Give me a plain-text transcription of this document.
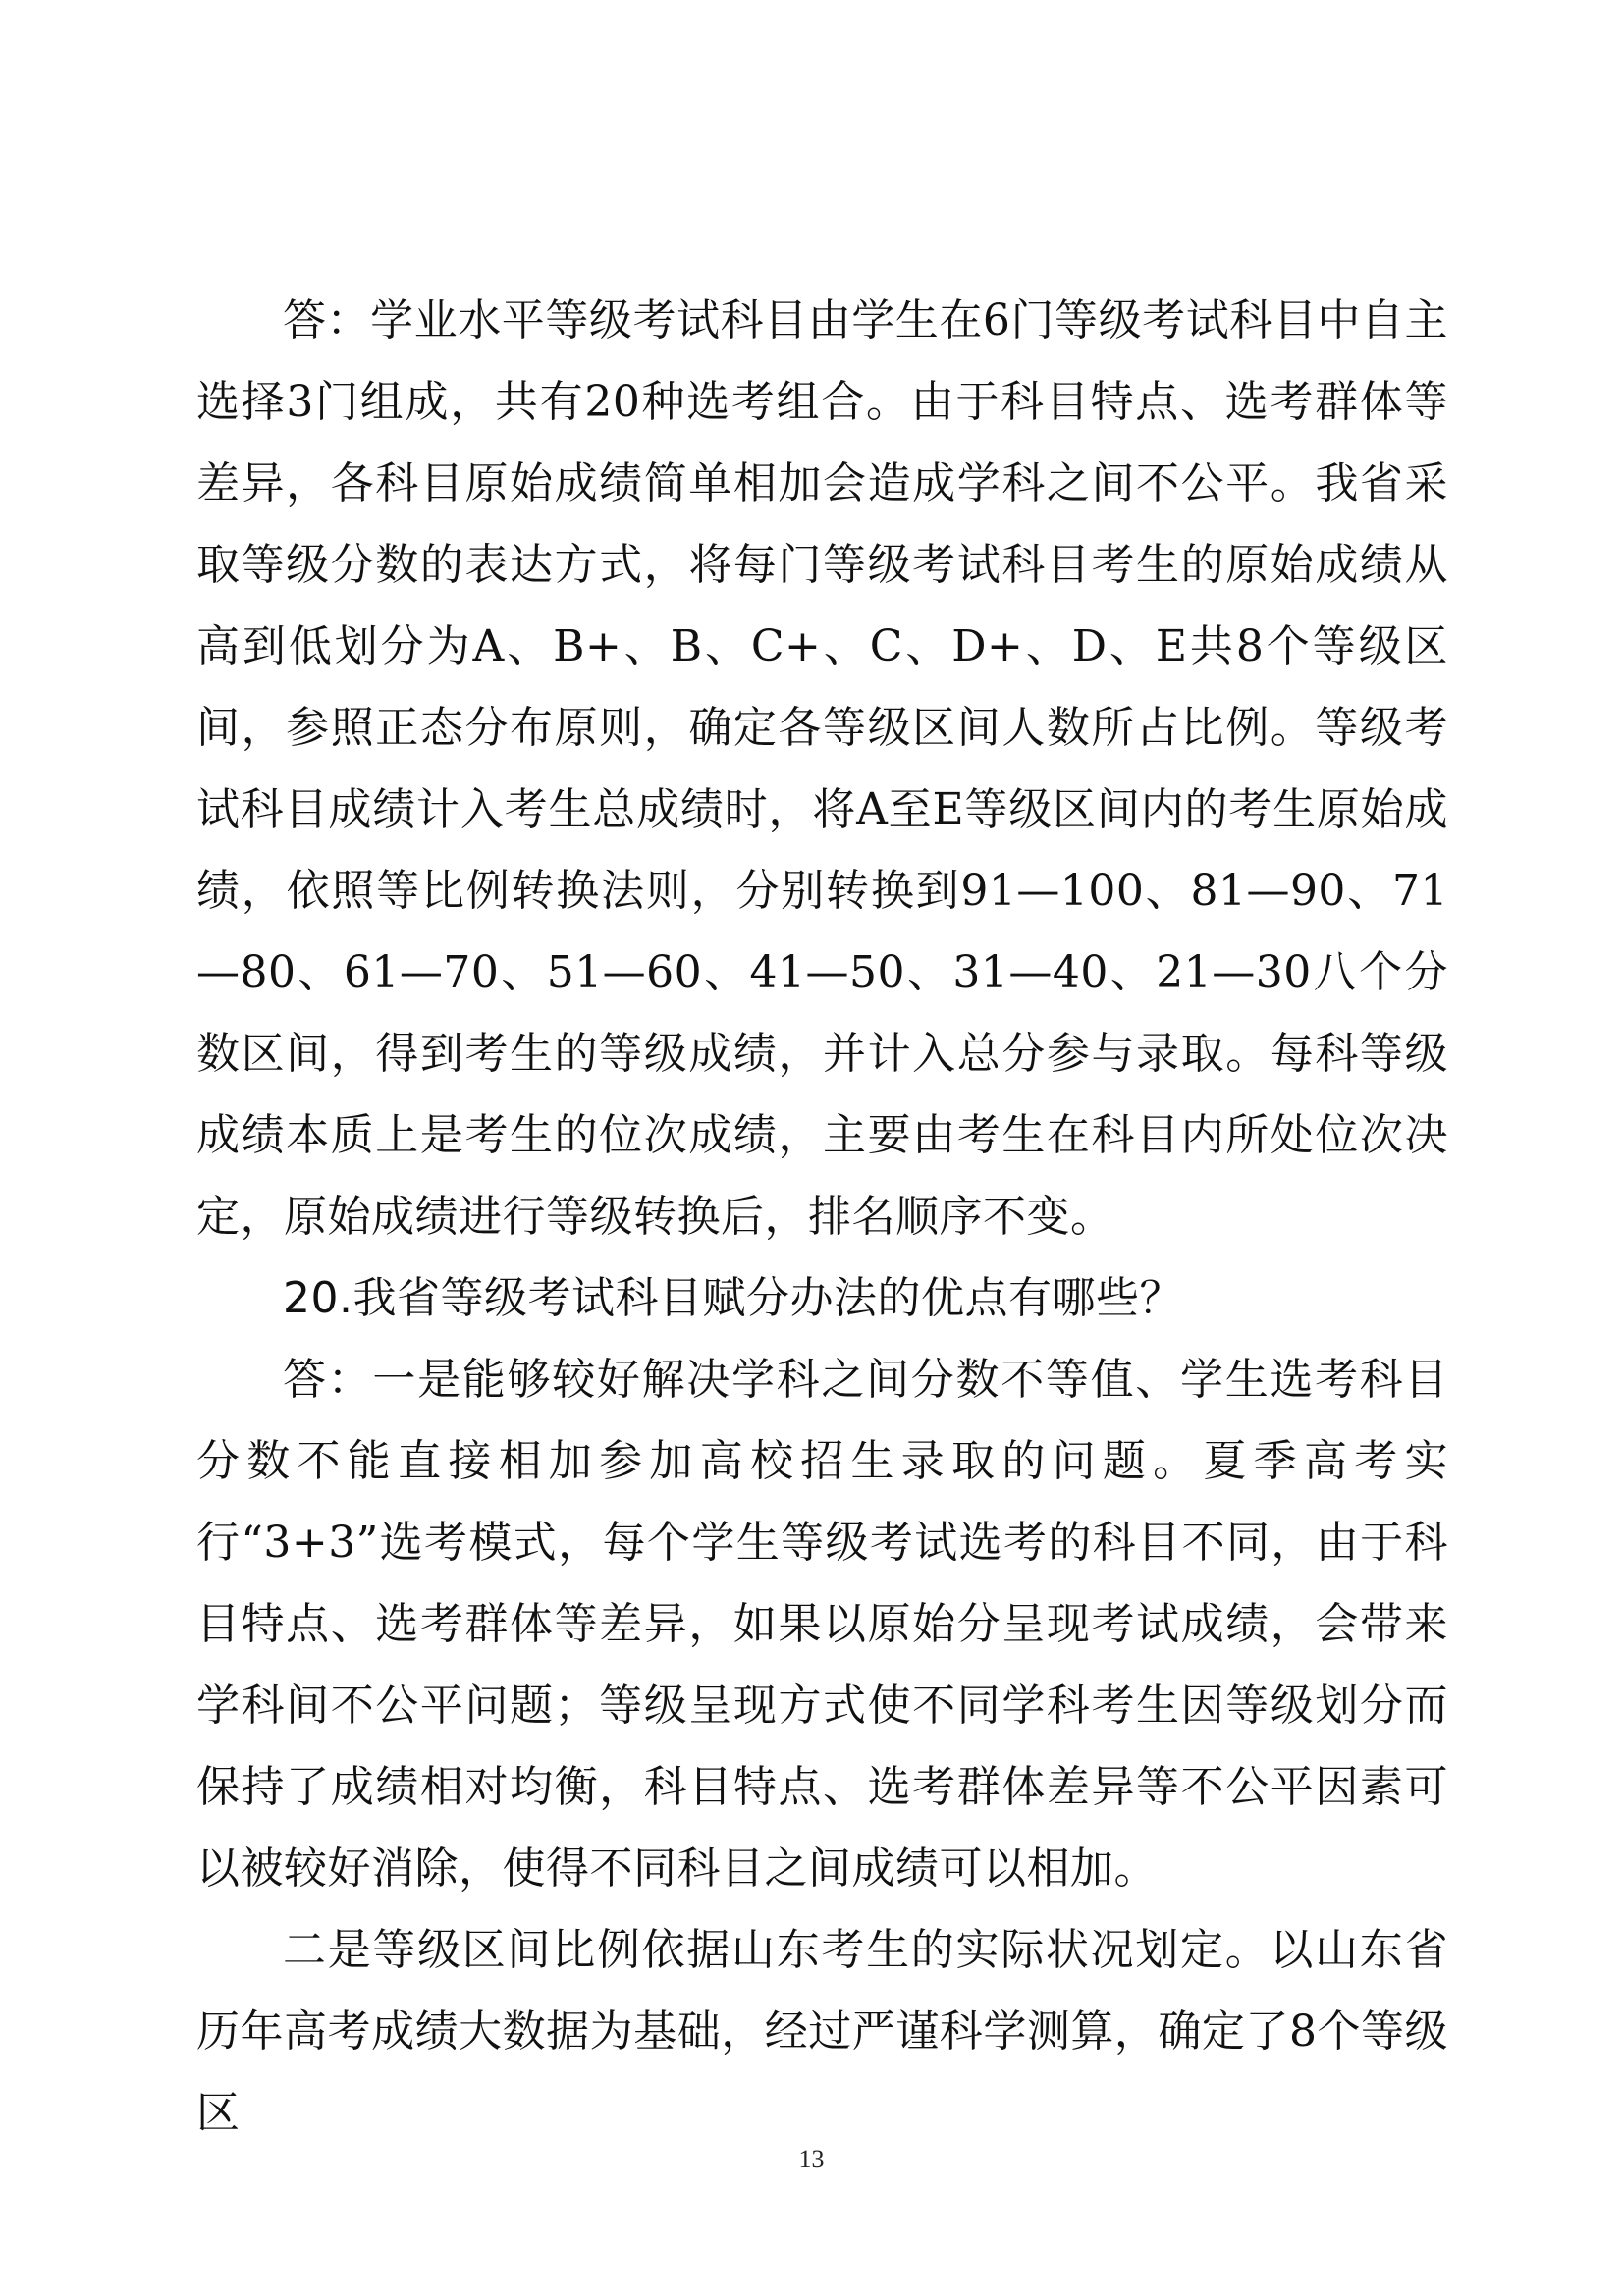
答：学业水平等级考试科目由学生在6门等级考试科目中自主选择3门组成，共有20种选考组合。由于科目特点、选考群体等差异，各科目原始成绩简单相加会造成学科之间不公平。我省采取等级分数的表达方式，将每门等级考试科目考生的原始成绩从高到低划分为A、B+、B、C+、C、D+、D、E共8个等级区间，参照正态分布原则，确定各等级区间人数所占比例。等级考试科目成绩计入考生总成绩时，将A至E等级区间内的考生原始成绩，依照等比例转换法则，分别转换到91—100、81—90、71—80、61—70、51—60、41—50、31—40、21—30八个分数区间，得到考生的等级成绩，并计入总分参与录取。每科等级成绩本质上是考生的位次成绩，主要由考生在科目内所处位次决定，原始成绩进行等级转换后，排名顺序不变。

20.我省等级考试科目赋分办法的优点有哪些？

答：一是能够较好解决学科之间分数不等值、学生选考科目分数不能直接相加参加高校招生录取的问题。夏季高考实行“3+3”选考模式，每个学生等级考试选考的科目不同，由于科目特点、选考群体等差异，如果以原始分呈现考试成绩，会带来学科间不公平问题；等级呈现方式使不同学科考生因等级划分而保持了成绩相对均衡，科目特点、选考群体差异等不公平因素可以被较好消除，使得不同科目之间成绩可以相加。

二是等级区间比例依据山东考生的实际状况划定。以山东省历年高考成绩大数据为基础，经过严谨科学测算，确定了8个等级区

13
